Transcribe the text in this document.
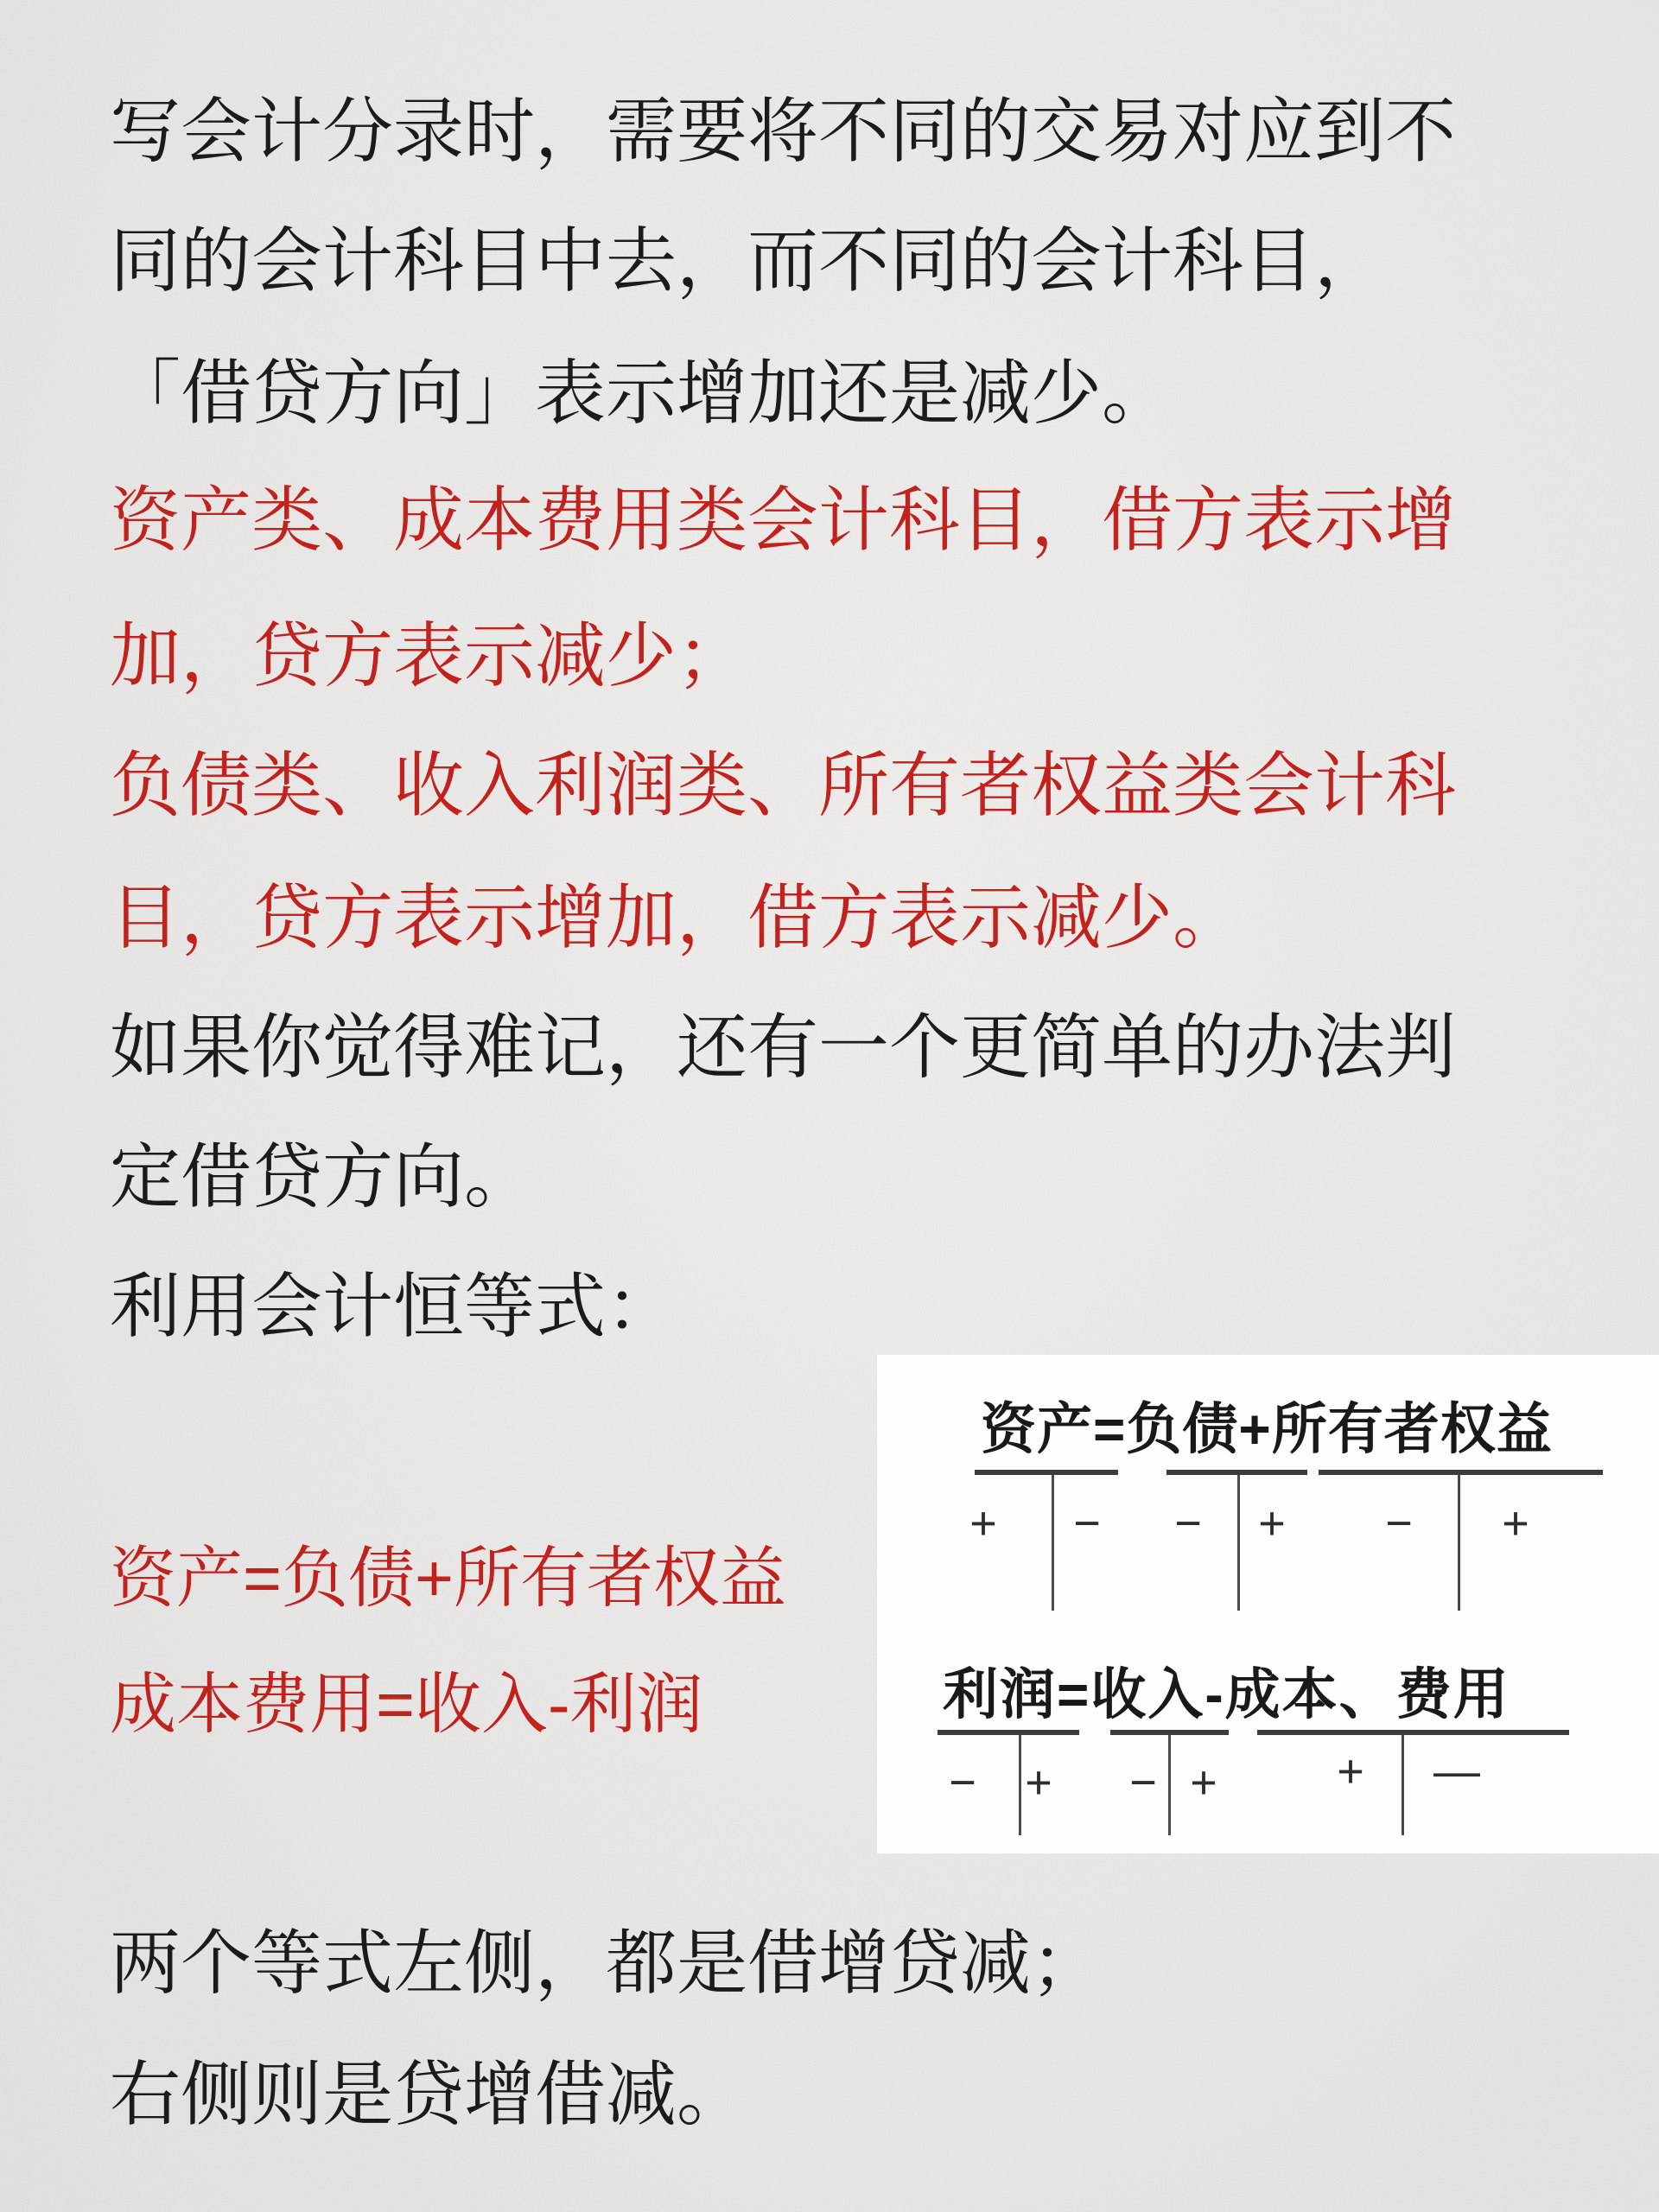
写会计分录时，需要将不同的交易对应到不
同的会计科目中去，而不同的会计科目，
「借贷方向」表示增加还是减少。
资产类、成本费用类会计科目，借方表示增
加，贷方表示减少；
负债类、收入利润类、所有者权益类会计科
目，贷方表示增加，借方表示减少。
如果你觉得难记，还有一个更简单的办法判
定借贷方向。
利用会计恒等式：
资产=负债+所有者权益
成本费用=收入-利润
两个等式左侧，都是借增贷减；
右侧则是贷增借减。
资产=负债+所有者权益
+ − − + − +
利润=收入-成本、费用
− + − +	+ —
